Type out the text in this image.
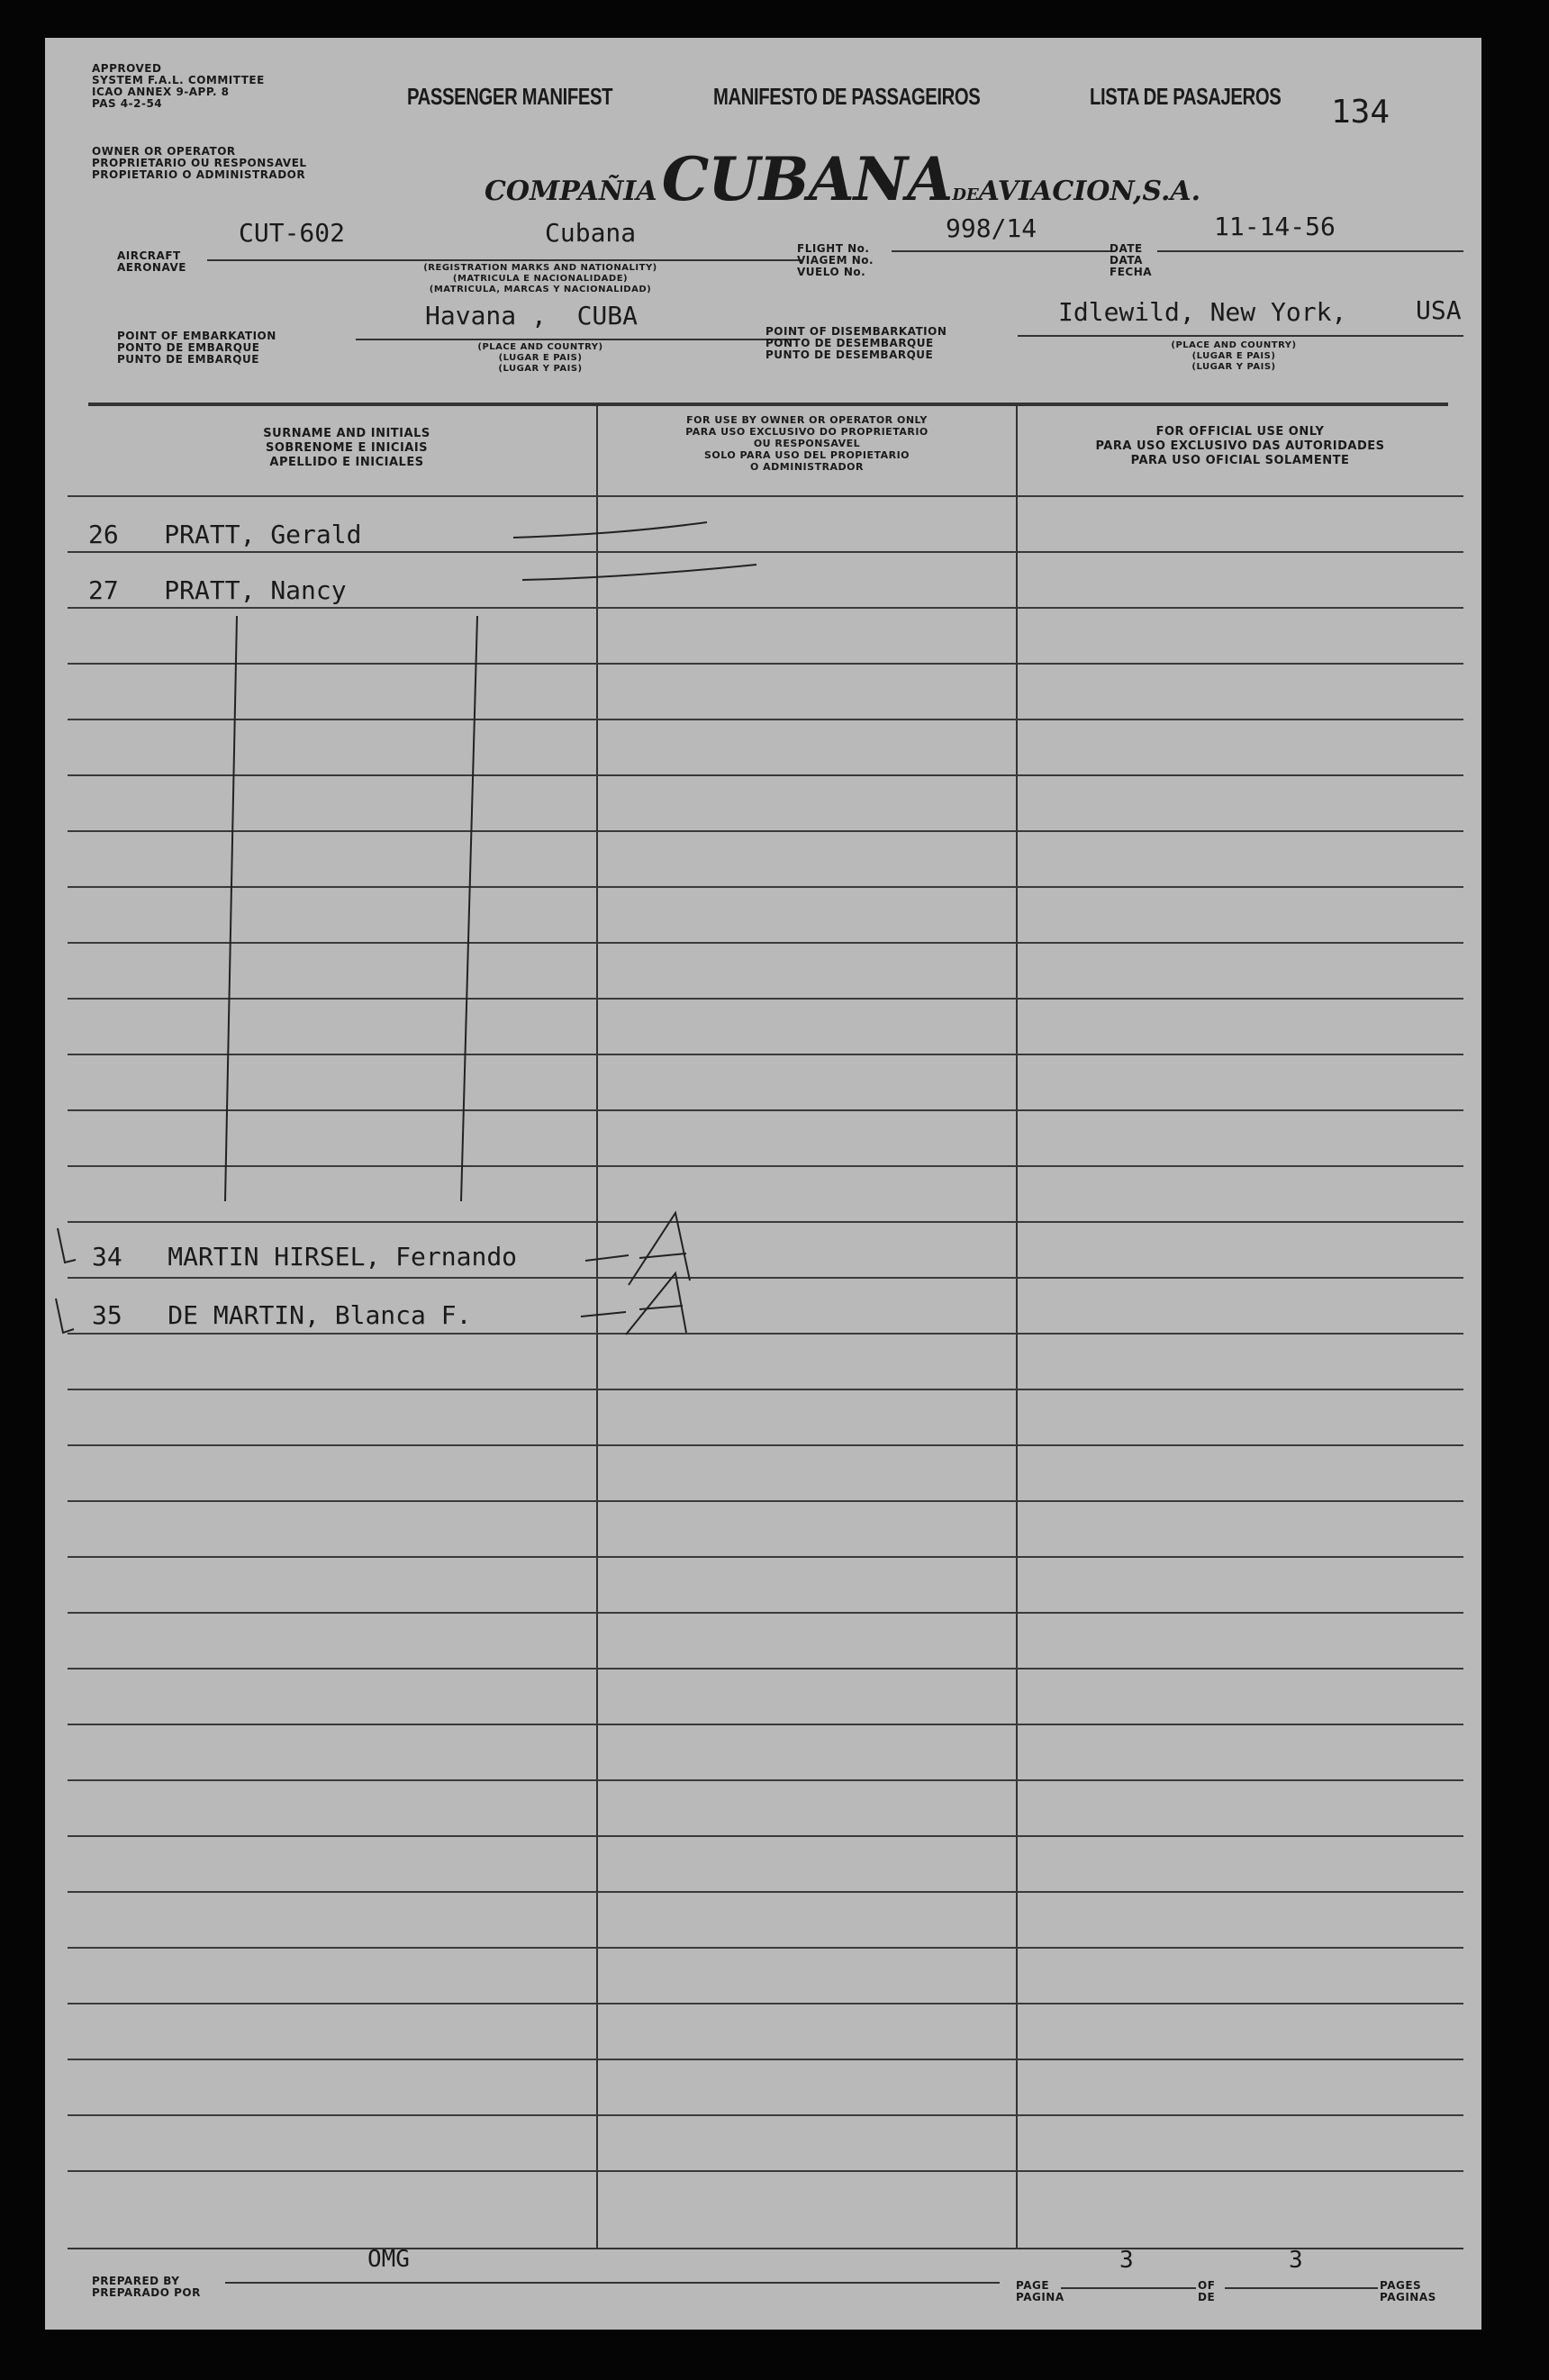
APPROVED
SYSTEM F.A.L. COMMITTEE
ICAO ANNEX 9-APP. 8
PAS 4-2-54	PASSENGER MANIFEST	MANIFESTO DE PASSAGEIROS	LISTA DE PASAJEROS 134
OWNER OR OPERATOR
PROPRIETARIO OU RESPONSAVEL
PROPIETARIO O ADMINISTRADOR
COMPAÑIA CUBANADEAVIACION,S.A.
AIRCRAFT
AERONAVE
CUT-602	Cubana
(REGISTRATION MARKS AND NATIONALITY)
(MATRICULA E NACIONALIDADE)
(MATRICULA, MARCAS Y NACIONALIDAD)
FLIGHT No.
VIAGEM No.
VUELO No.
998/14
DATE
DATA
FECHA
11-14-56
POINT OF EMBARKATION
PONTO DE EMBARQUE
PUNTO DE EMBARQUE
Havana ,  CUBA
(PLACE AND COUNTRY)
(LUGAR E PAIS)
(LUGAR Y PAIS)
POINT OF DISEMBARKATION
PONTO DE DESEMBARQUE
PUNTO DE DESEMBARQUE
Idlewild, New York,	USA
(PLACE AND COUNTRY)
(LUGAR E PAIS)
(LUGAR Y PAIS)
SURNAME AND INITIALS
SOBRENOME E INICIAIS
APELLIDO E INICIALES
FOR USE BY OWNER OR OPERATOR ONLY
PARA USO EXCLUSIVO DO PROPRIETARIO
OU RESPONSAVEL
SOLO PARA USO DEL PROPIETARIO
O ADMINISTRADOR
FOR OFFICIAL USE ONLY
PARA USO EXCLUSIVO DAS AUTORIDADES
PARA USO OFICIAL SOLAMENTE
26 PRATT, Gerald
27 PRATT, Nancy
34 MARTIN HIRSEL, Fernando
35 DE MARTIN, Blanca F.
PREPARED BY
PREPARADO POR
OMG
PAGE
PAGINA
3
OF
DE
3
PAGES
PAGINAS
